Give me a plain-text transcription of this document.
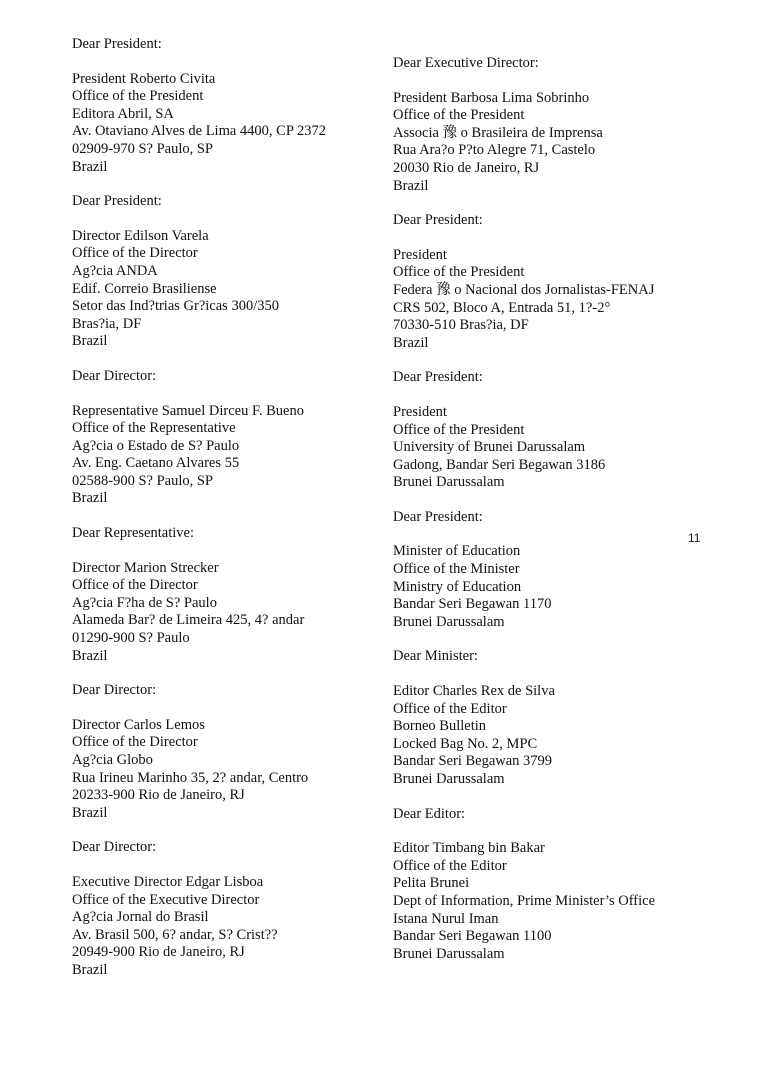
Dear President:
President Roberto Civita
Office of the President
Editora Abril, SA
Av. Otaviano Alves de Lima 4400, CP 2372
02909-970 S? Paulo, SP
Brazil
Dear President:
Director Edilson Varela
Office of the Director
Ag?cia ANDA
Edif. Correio Brasiliense
Setor das Ind?trias Gr?icas 300/350
Bras?ia, DF
Brazil
Dear Director:
Representative Samuel Dirceu F. Bueno
Office of the Representative
Ag?cia o Estado de S? Paulo
Av. Eng. Caetano Alvares 55
02588-900 S? Paulo, SP
Brazil
Dear Representative:
Director Marion Strecker
Office of the Director
Ag?cia F?ha de S? Paulo
Alameda Bar? de Limeira 425, 4? andar
01290-900 S? Paulo
Brazil
Dear Director:
Director Carlos Lemos
Office of the Director
Ag?cia Globo
Rua Irineu Marinho 35, 2? andar, Centro
20233-900 Rio de Janeiro, RJ
Brazil
Dear Director:
Executive Director Edgar Lisboa
Office of the Executive Director
Ag?cia Jornal do Brasil
Av. Brasil 500, 6? andar, S? Crist??
20949-900 Rio de Janeiro, RJ
Brazil
Dear Executive Director:
President Barbosa Lima Sobrinho
Office of the President
Associa 豫 o Brasileira de Imprensa
Rua Ara?o P?to Alegre 71, Castelo
20030 Rio de Janeiro, RJ
Brazil
Dear President:
President
Office of the President
Federa 豫 o Nacional dos Jornalistas-FENAJ
CRS 502, Bloco A, Entrada 51, 1?-2°
70330-510 Bras?ia, DF
Brazil
Dear President:
President
Office of the President
University of Brunei Darussalam
Gadong, Bandar Seri Begawan 3186
Brunei Darussalam
Dear President:
Minister of Education
Office of the Minister
Ministry of Education
Bandar Seri Begawan 1170
Brunei Darussalam
Dear Minister:
Editor Charles Rex de Silva
Office of the Editor
Borneo Bulletin
Locked Bag No. 2, MPC
Bandar Seri Begawan 3799
Brunei Darussalam
Dear Editor:
Editor Timbang bin Bakar
Office of the Editor
Pelita Brunei
Dept of Information, Prime Minister’s Office
Istana Nurul Iman
Bandar Seri Begawan 1100
Brunei Darussalam
11
